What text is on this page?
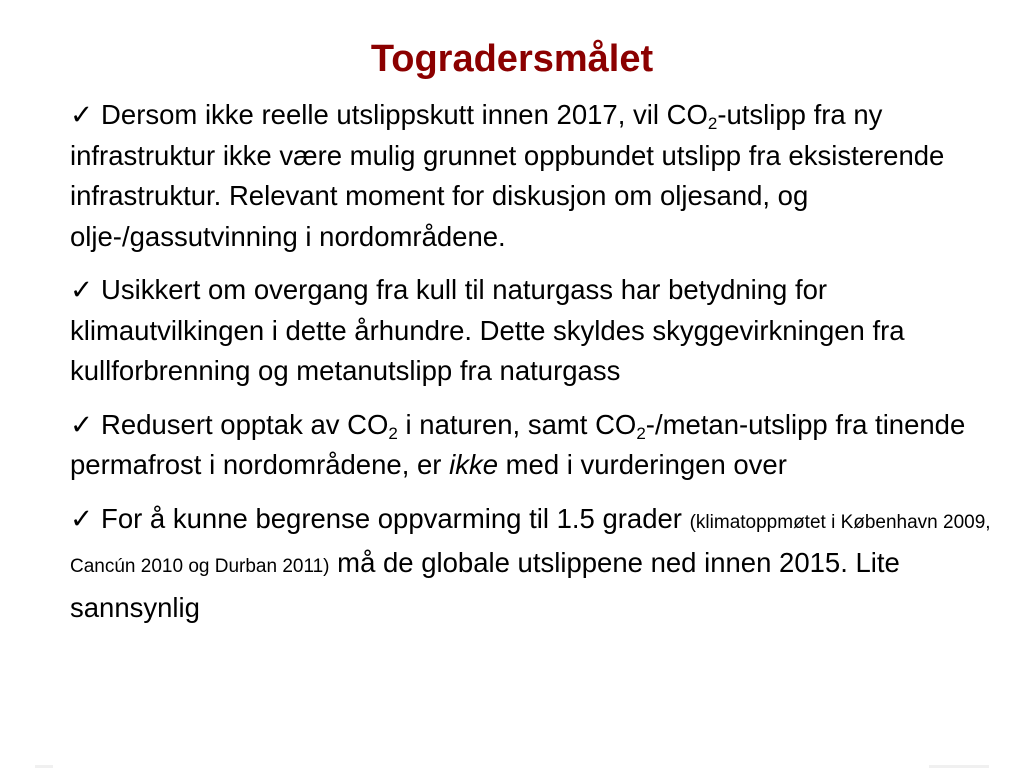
Togradersmålet
✓ Dersom ikke reelle utslippskutt innen 2017, vil $CO_2$-utslipp fra ny infrastruktur ikke være mulig grunnet oppbundet utslipp fra eksisterende infrastruktur. Relevant moment for diskusjon om oljesand, og olje-/gassutvinning i nordområdene.
✓ Usikkert om overgang fra kull til naturgass har betydning for klimautvilkingen i dette århundre. Dette skyldes skyggevirkningen fra kullforbrenning og metanutslipp fra naturgass
✓ Redusert opptak av $CO_2$ i naturen, samt $CO_2-/metan$-utslipp fra tinende permafrost i nordområdene, er ikke med i vurderingen over
✓ For å kunne begrense oppvarming til 1.5 grader (klimatoppmøtet i København 2009, Cancún 2010 og Durban 2011) må de globale utslippene ned innen 2015. Lite sannsynlig
